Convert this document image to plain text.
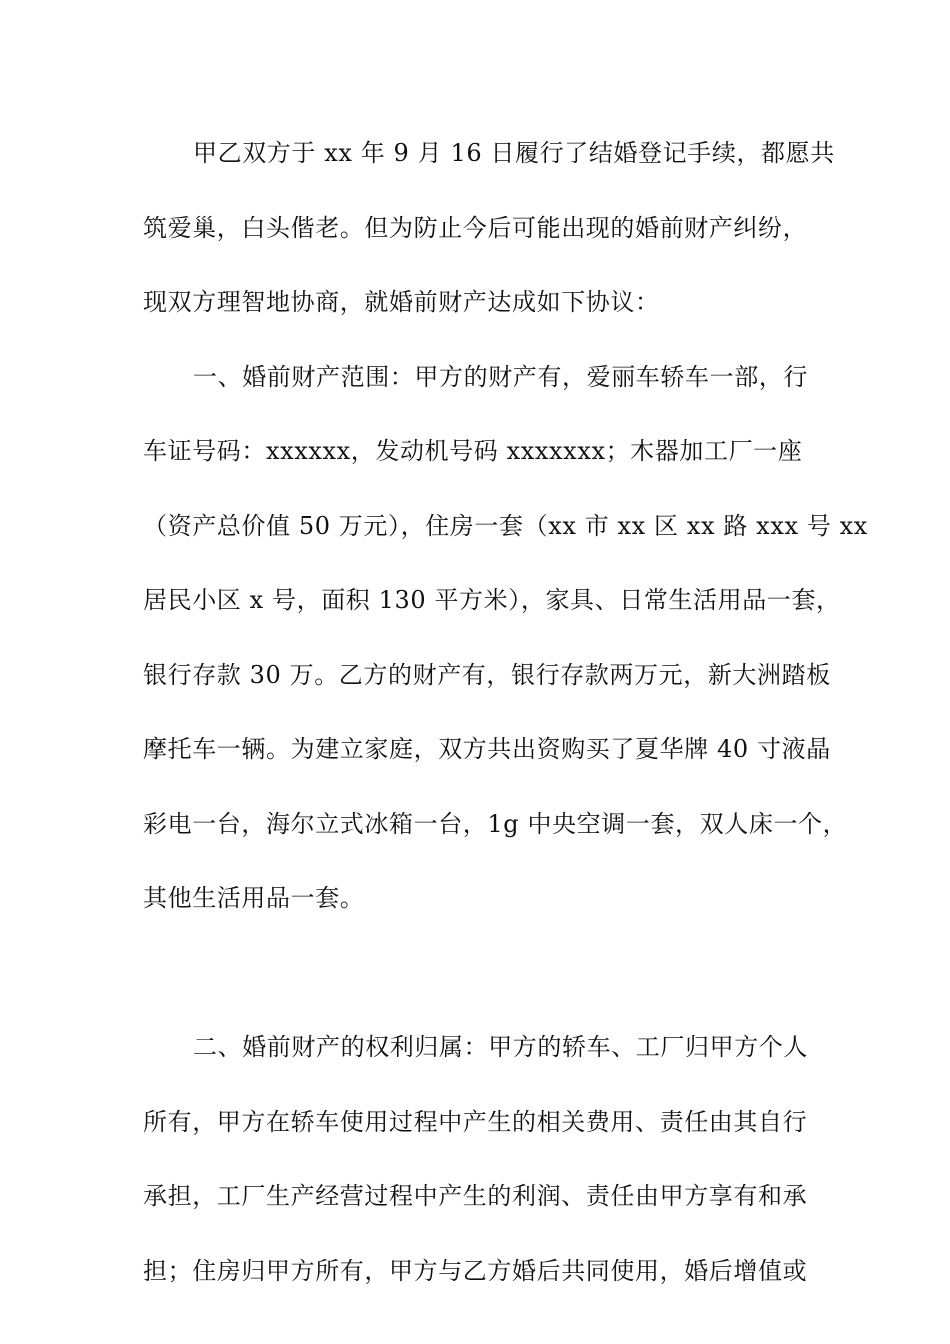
甲乙双方于 xx 年 9 月 16 日履行了结婚登记手续，都愿共
筑爱巢，白头偕老。但为防止今后可能出现的婚前财产纠纷，
现双方理智地协商，就婚前财产达成如下协议：
一、婚前财产范围：甲方的财产有，爱丽车轿车一部，行
车证号码：xxxxxx，发动机号码 xxxxxxx；木器加工厂一座
（资产总价值 50 万元），住房一套（xx 市 xx 区 xx 路 xxx 号 xx
居民小区 x 号，面积 130 平方米），家具、日常生活用品一套，
银行存款 30 万。乙方的财产有，银行存款两万元，新大洲踏板
摩托车一辆。为建立家庭，双方共出资购买了夏华牌 40 寸液晶
彩电一台，海尔立式冰箱一台，1g 中央空调一套，双人床一个，
其他生活用品一套。
二、婚前财产的权利归属：甲方的轿车、工厂归甲方个人
所有，甲方在轿车使用过程中产生的相关费用、责任由其自行
承担，工厂生产经营过程中产生的利润、责任由甲方享有和承
担；住房归甲方所有，甲方与乙方婚后共同使用，婚后增值或
